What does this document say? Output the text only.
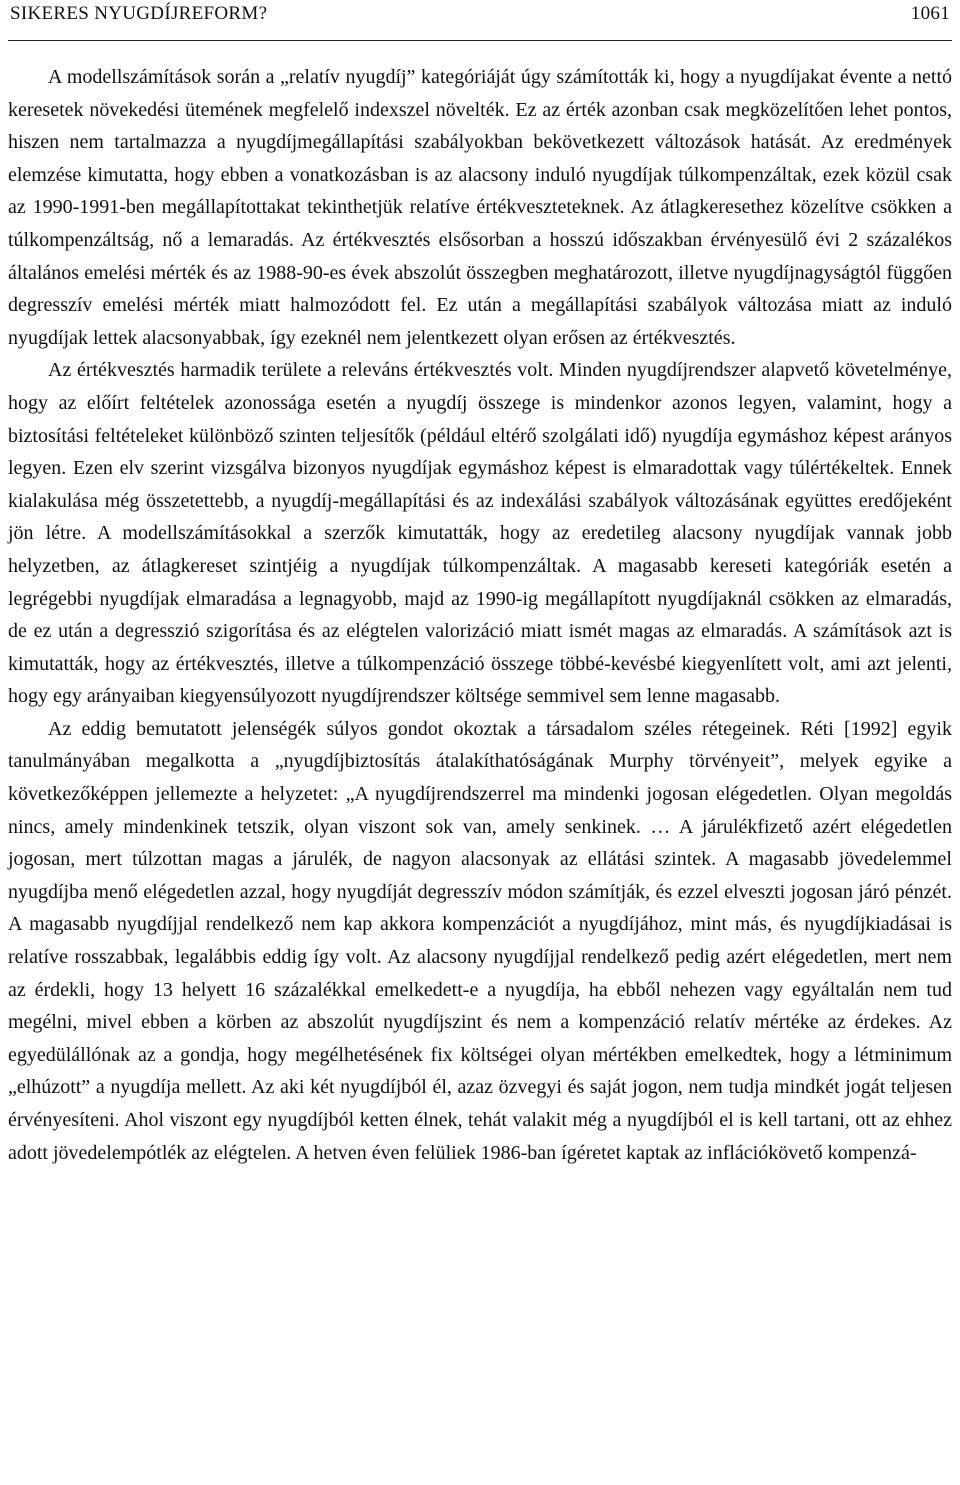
SIKERES NYUGDÍJREFORM?	1061

A modellszámítások során a „relatív nyugdíj” kategóriáját úgy számították ki, hogy a nyugdíjakat évente a nettó keresetek növekedési ütemének megfelelő indexszel növelték. Ez az érték azonban csak megközelítően lehet pontos, hiszen nem tartalmazza a nyugdíjmegállapítási szabályokban bekövetkezett változások hatását. Az eredmények elemzése kimutatta, hogy ebben a vonatkozásban is az alacsony induló nyugdíjak túlkompenzáltak, ezek közül csak az 1990-1991-ben megállapítottakat tekinthetjük relatíve értékveszteteknek. Az átlagkeresethez közelítve csökken a túlkompenzáltság, nő a lemaradás. Az értékvesztés elsősorban a hosszú időszakban érvényesülő évi 2 százalékos általános emelési mérték és az 1988-90-es évek abszolút összegben meghatározott, illetve nyugdíjnagyságtól függően degresszív emelési mérték miatt halmozódott fel. Ez után a megállapítási szabályok változása miatt az induló nyugdíjak lettek alacsonyabbak, így ezeknél nem jelentkezett olyan erősen az értékvesztés.

Az értékvesztés harmadik területe a releváns értékvesztés volt. Minden nyugdíjrendszer alapvető követelménye, hogy az előírt feltételek azonossága esetén a nyugdíj összege is mindenkor azonos legyen, valamint, hogy a biztosítási feltételeket különböző szinten teljesítők (például eltérő szolgálati idő) nyugdíja egymáshoz képest arányos legyen. Ezen elv szerint vizsgálva bizonyos nyugdíjak egymáshoz képest is elmaradottak vagy túlértékeltek. Ennek kialakulása még összetettebb, a nyugdíj-megállapítási és az indexálási szabályok változásának együttes eredőjeként jön létre. A modellszámításokkal a szerzők kimutatták, hogy az eredetileg alacsony nyugdíjak vannak jobb helyzetben, az átlagkereset szintjéig a nyugdíjak túlkompenzáltak. A magasabb kereseti kategóriák esetén a legrégebbi nyugdíjak elmaradása a legnagyobb, majd az 1990-ig megállapított nyugdíjaknál csökken az elmaradás, de ez után a degresszió szigorítása és az elégtelen valorizáció miatt ismét magas az elmaradás. A számítások azt is kimutatták, hogy az értékvesztés, illetve a túlkompenzáció összege többé-kevésbé kiegyenlített volt, ami azt jelenti, hogy egy arányaiban kiegyensúlyozott nyugdíjrendszer költsége semmivel sem lenne magasabb.

Az eddig bemutatott jelenségék súlyos gondot okoztak a társadalom széles rétegeinek. Réti [1992] egyik tanulmányában megalkotta a „nyugdíjbiztosítás átalakíthatóságának Murphy törvényeit”, melyek egyike a következőképpen jellemezte a helyzetet: „A nyugdíjrendszerrel ma mindenki jogosan elégedetlen. Olyan megoldás nincs, amely mindenkinek tetszik, olyan viszont sok van, amely senkinek. … A járulékfizető azért elégedetlen jogosan, mert túlzottan magas a járulék, de nagyon alacsonyak az ellátási szintek. A magasabb jövedelemmel nyugdíjba menő elégedetlen azzal, hogy nyugdíját degresszív módon számítják, és ezzel elveszti jogosan járó pénzét. A magasabb nyugdíjjal rendelkező nem kap akkora kompenzációt a nyugdíjához, mint más, és nyugdíjkiadásai is relatíve rosszabbak, legalábbis eddig így volt. Az alacsony nyugdíjjal rendelkező pedig azért elégedetlen, mert nem az érdekli, hogy 13 helyett 16 százalékkal emelkedett-e a nyugdíja, ha ebből nehezen vagy egyáltalán nem tud megélni, mivel ebben a körben az abszolút nyugdíjszint és nem a kompenzáció relatív mértéke az érdekes. Az egyedülállónak az a gondja, hogy megélhetésének fix költségei olyan mértékben emelkedtek, hogy a létminimum „elhúzott” a nyugdíja mellett. Az aki két nyugdíjból él, azaz özvegyi és saját jogon, nem tudja mindkét jogát teljesen érvényesíteni. Ahol viszont egy nyugdíjból ketten élnek, tehát valakit még a nyugdíjból el is kell tartani, ott az ehhez adott jövedelempótlék az elégtelen. A hetven éven felüliek 1986-ban ígéretet kaptak az inflációkövető kompenzá-
